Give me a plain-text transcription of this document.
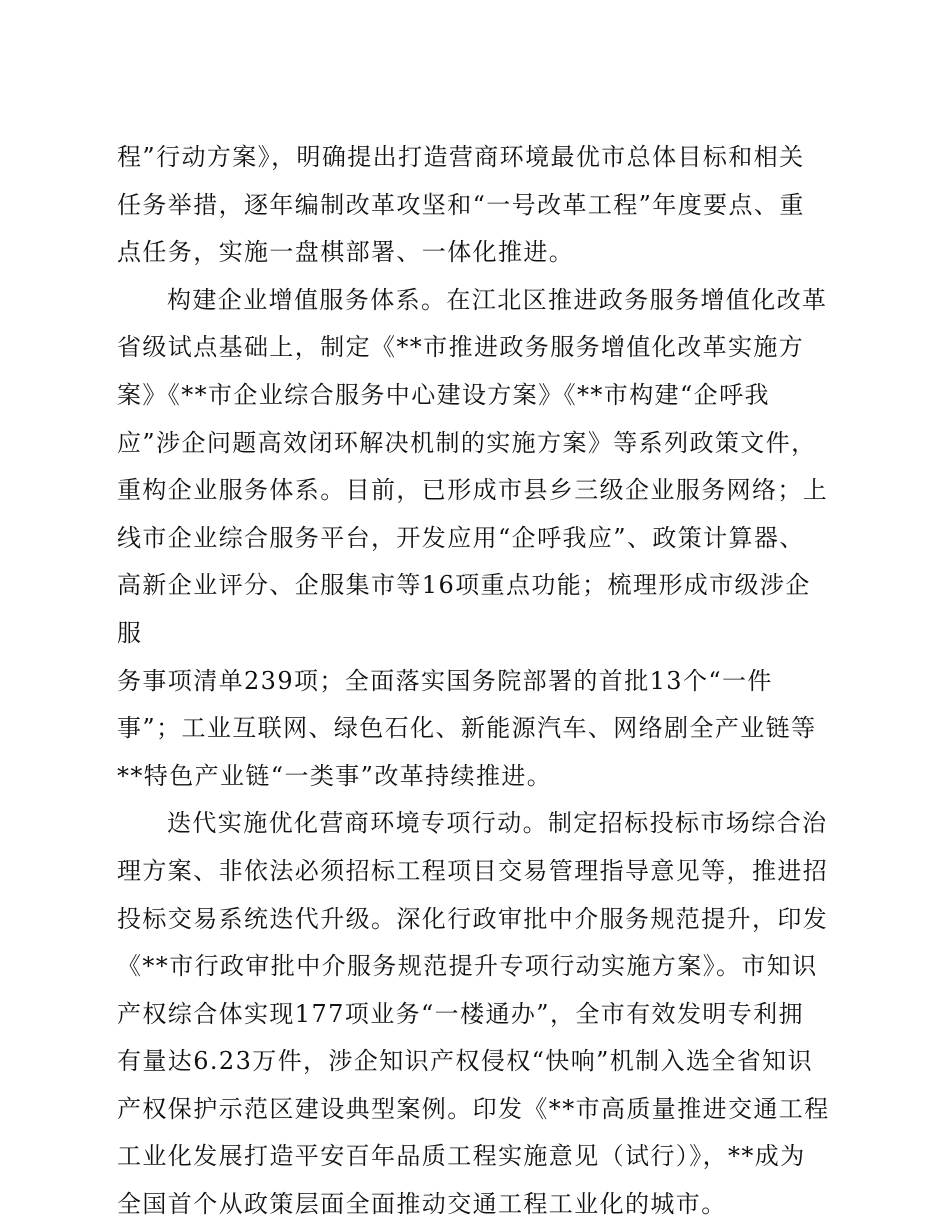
程”行动方案》，明确提出打造营商环境最优市总体目标和相关
任务举措，逐年编制改革攻坚和“一号改革工程”年度要点、重
点任务，实施一盘棋部署、一体化推进。
构建企业增值服务体系。在江北区推进政务服务增值化改革
省级试点基础上，制定《**市推进政务服务增值化改革实施方
案》《**市企业综合服务中心建设方案》《**市构建“企呼我
应”涉企问题高效闭环解决机制的实施方案》等系列政策文件，
重构企业服务体系。目前，已形成市县乡三级企业服务网络；上
线市企业综合服务平台，开发应用“企呼我应”、政策计算器、
高新企业评分、企服集市等16项重点功能；梳理形成市级涉企服
务事项清单239项；全面落实国务院部署的首批13个“一件
事”；工业互联网、绿色石化、新能源汽车、网络剧全产业链等
**特色产业链“一类事”改革持续推进。
迭代实施优化营商环境专项行动。制定招标投标市场综合治
理方案、非依法必须招标工程项目交易管理指导意见等，推进招
投标交易系统迭代升级。深化行政审批中介服务规范提升，印发
《**市行政审批中介服务规范提升专项行动实施方案》。市知识
产权综合体实现177项业务“一楼通办”，全市有效发明专利拥
有量达6.23万件，涉企知识产权侵权“快响”机制入选全省知识
产权保护示范区建设典型案例。印发《**市高质量推进交通工程
工业化发展打造平安百年品质工程实施意见（试行）》，**成为
全国首个从政策层面全面推动交通工程工业化的城市。
